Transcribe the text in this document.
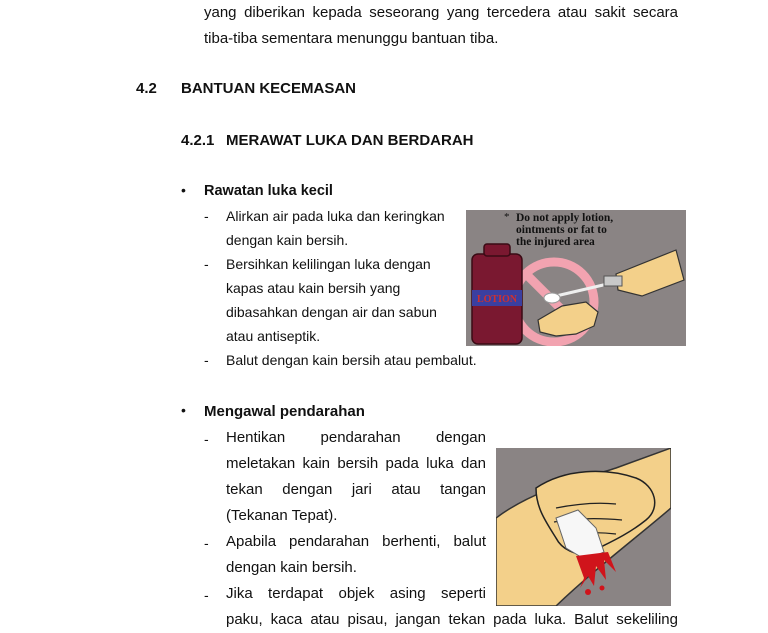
yang diberikan kepada seseorang yang tercedera atau sakit secara
tiba-tiba sementara menunggu bantuan tiba.
4.2 BANTUAN KECEMASAN
4.2.1 MERAWAT LUKA DAN BERDARAH
• Rawatan luka kecil
- Alirkan air pada luka dan keringkan
dengan kain bersih.
- Bersihkan kelilingan luka dengan
kapas atau kain bersih yang
dibasahkan dengan air dan sabun
atau antiseptik.
- Balut dengan kain bersih atau pembalut.
LOTION
* Do not apply lotion,
ointments or fat to
the injured area
• Mengawal pendarahan
- Hentikan pendarahan dengan
meletakan kain bersih pada luka dan
tekan dengan jari atau tangan
(Tekanan Tepat).
- Apabila pendarahan berhenti, balut
dengan kain bersih.
- Jika terdapat objek asing seperti
paku, kaca atau pisau, jangan tekan pada luka. Balut sekeliling
